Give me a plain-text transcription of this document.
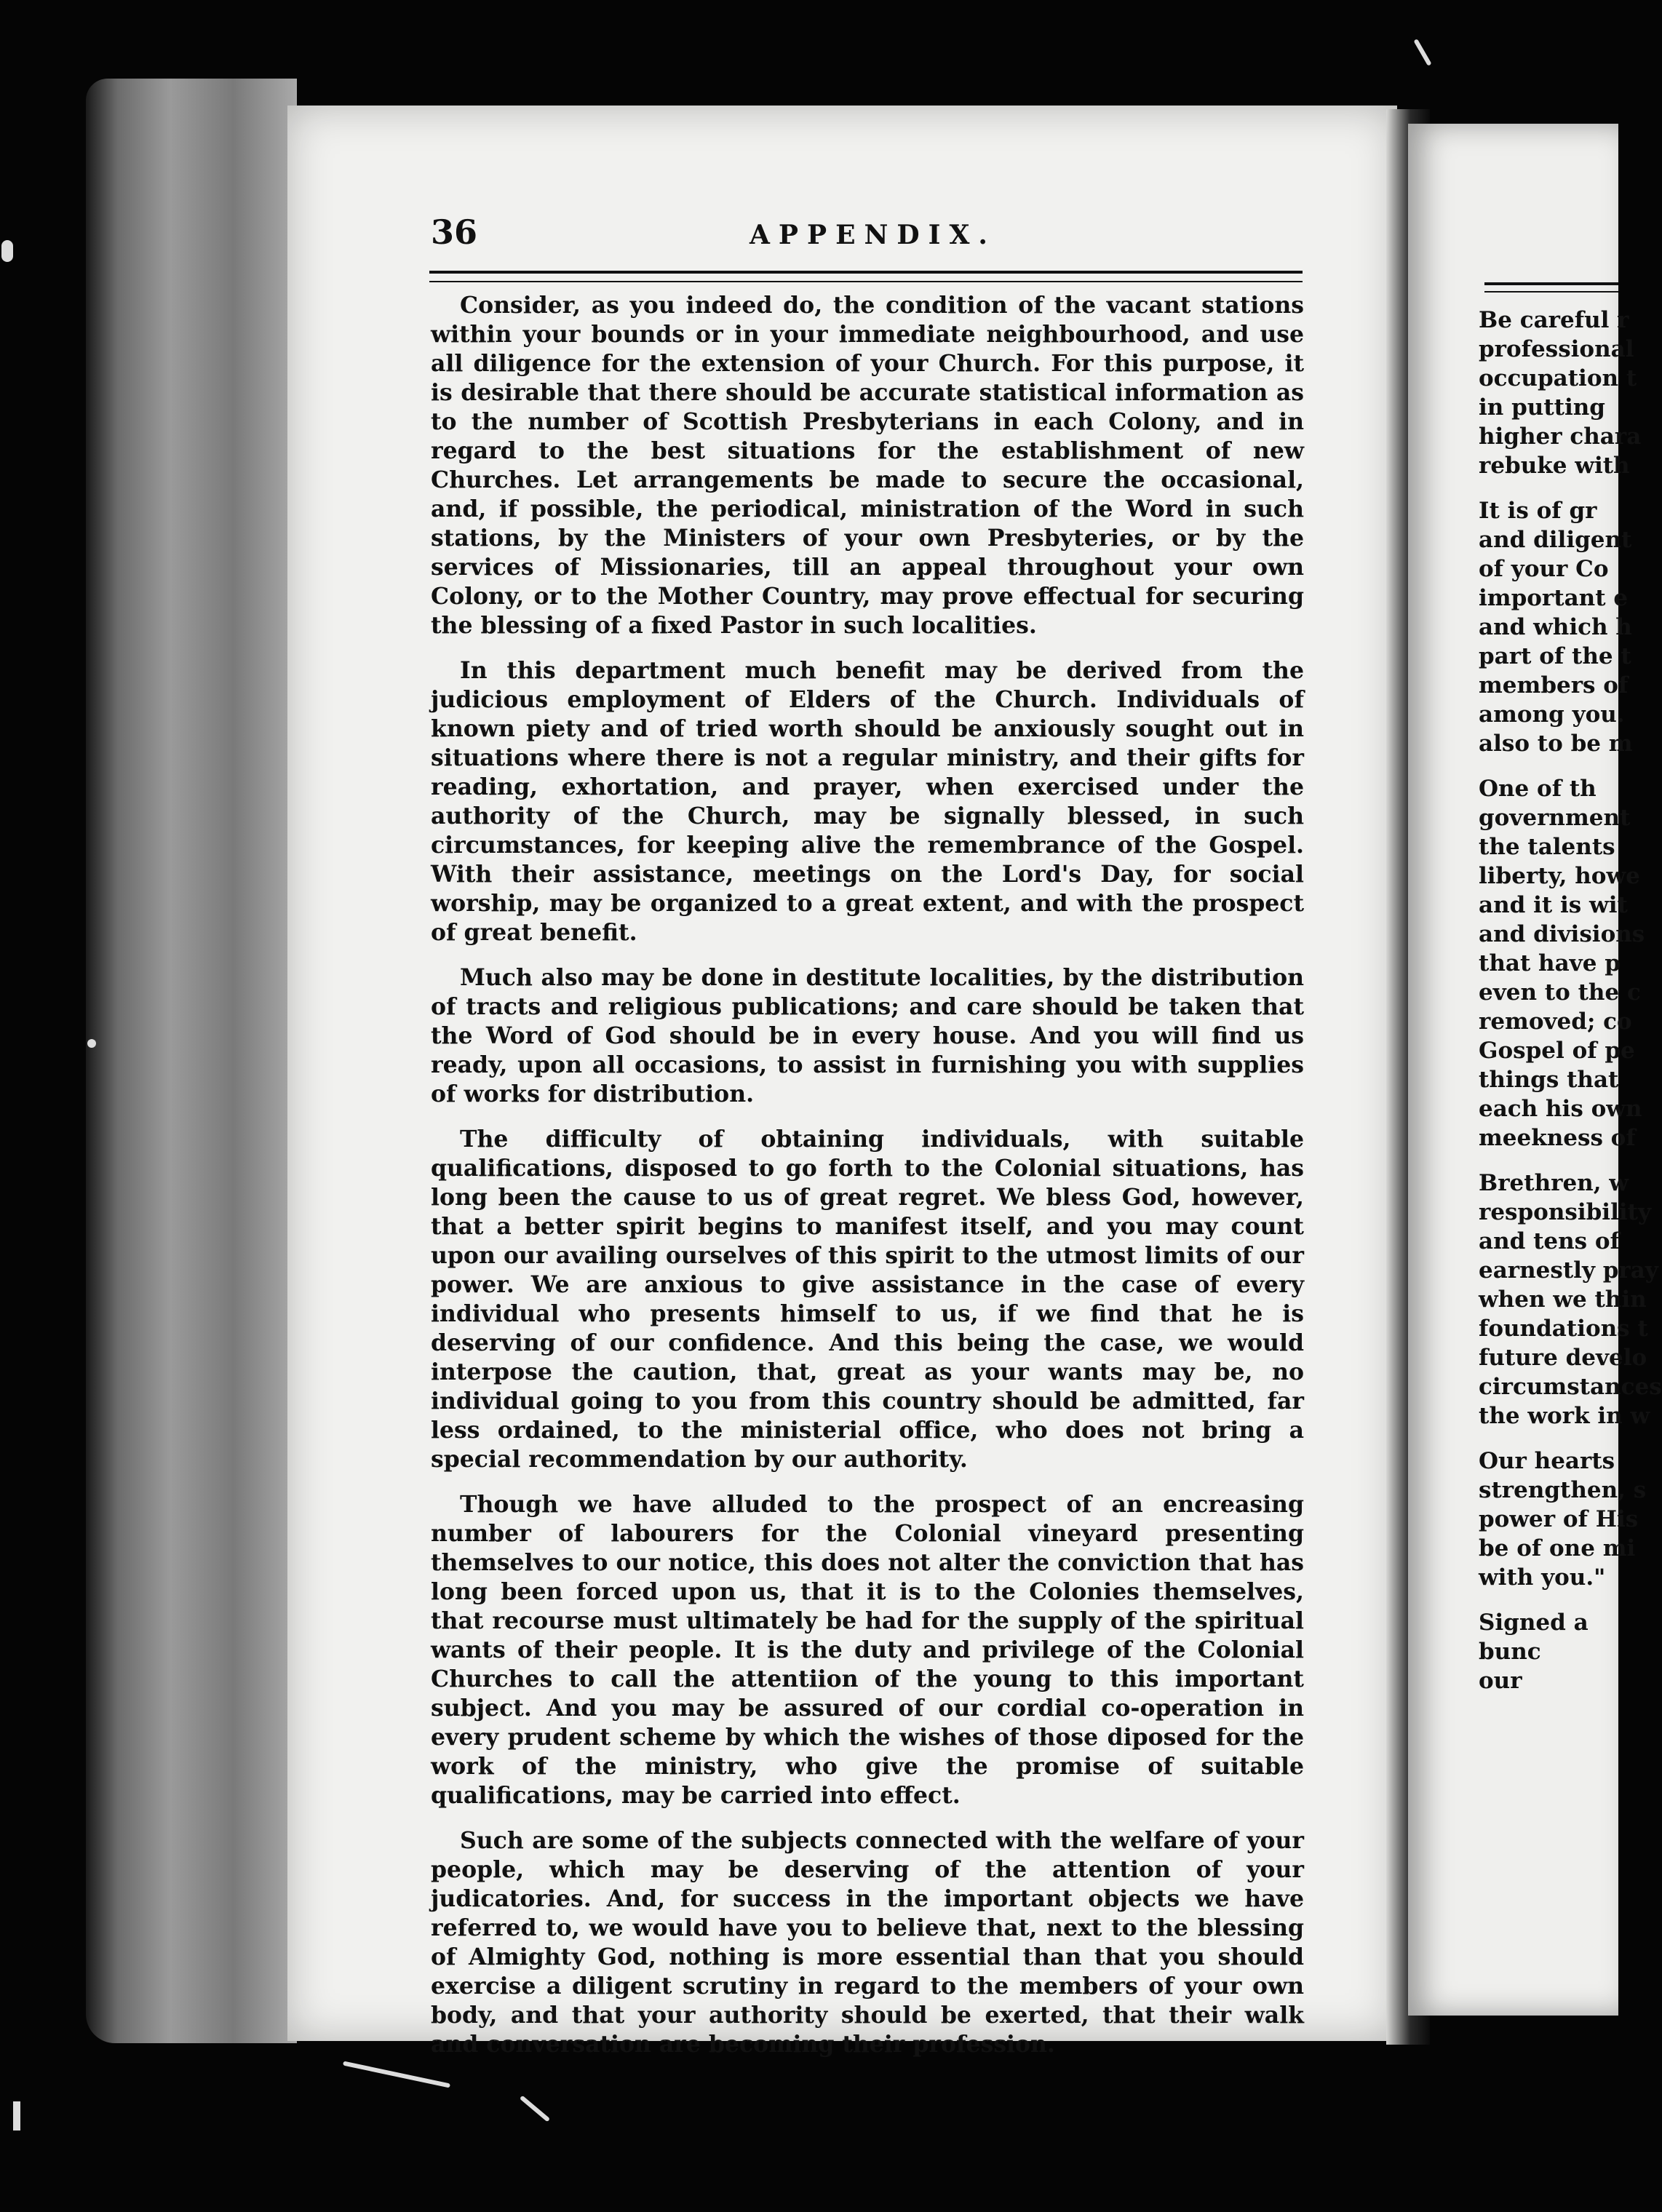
Be careful r
professional
occupation t
in putting
higher chara
rebuke with
It is of gr
and diligent
of your Co
important e
and which h
part of the t
members of
among you.
also to be m
One of th
government
the talents
liberty, howe
and it is wit
and divisions
that have p
even to the c
removed; co
Gospel of pe
things that
each his own
meekness of
Brethren, w
responsibility
and tens of
earnestly pray
when we thin
foundations t
future develo
circumstances
the work in w
Our hearts
strengthen, s
power of His
be of one mi
with you."
Signed a
bunc
our
36	APPENDIX.

Consider, as you indeed do, the condition of the vacant stations within your bounds or in your immediate neighbourhood, and use all diligence for the extension of your Church. For this purpose, it is desirable that there should be accurate statistical information as to the number of Scottish Presbyterians in each Colony, and in regard to the best situations for the establishment of new Churches. Let arrangements be made to secure the occasional, and, if possible, the periodical, ministration of the Word in such stations, by the Ministers of your own Presbyteries, or by the services of Missionaries, till an appeal throughout your own Colony, or to the Mother Country, may prove effectual for securing the blessing of a fixed Pastor in such localities.

In this department much benefit may be derived from the judicious employment of Elders of the Church. Individuals of known piety and of tried worth should be anxiously sought out in situations where there is not a regular ministry, and their gifts for reading, exhortation, and prayer, when exercised under the authority of the Church, may be signally blessed, in such circumstances, for keeping alive the remembrance of the Gospel. With their assistance, meetings on the Lord's Day, for social worship, may be organized to a great extent, and with the prospect of great benefit.

Much also may be done in destitute localities, by the distribution of tracts and religious publications; and care should be taken that the Word of God should be in every house. And you will find us ready, upon all occasions, to assist in furnishing you with supplies of works for distribution.

The difficulty of obtaining individuals, with suitable qualifications, disposed to go forth to the Colonial situations, has long been the cause to us of great regret. We bless God, however, that a better spirit begins to manifest itself, and you may count upon our availing ourselves of this spirit to the utmost limits of our power. We are anxious to give assistance in the case of every individual who presents himself to us, if we find that he is deserving of our confidence. And this being the case, we would interpose the caution, that, great as your wants may be, no individual going to you from this country should be admitted, far less ordained, to the ministerial office, who does not bring a special recommendation by our authority.

Though we have alluded to the prospect of an encreasing number of labourers for the Colonial vineyard presenting themselves to our notice, this does not alter the conviction that has long been forced upon us, that it is to the Colonies themselves, that recourse must ultimately be had for the supply of the spiritual wants of their people. It is the duty and privilege of the Colonial Churches to call the attentiion of the young to this important subject. And you may be assured of our cordial co-operation in every prudent scheme by which the wishes of those diposed for the work of the ministry, who give the promise of suitable qualifications, may be carried into effect.

Such are some of the subjects connected with the welfare of your people, which may be deserving of the attention of your judicatories. And, for success in the important objects we have referred to, we would have you to believe that, next to the blessing of Almighty God, nothing is more essential than that you should exercise a diligent scrutiny in regard to the members of your own body, and that your authority should be exerted, that their walk and conversation are becoming their profession.
